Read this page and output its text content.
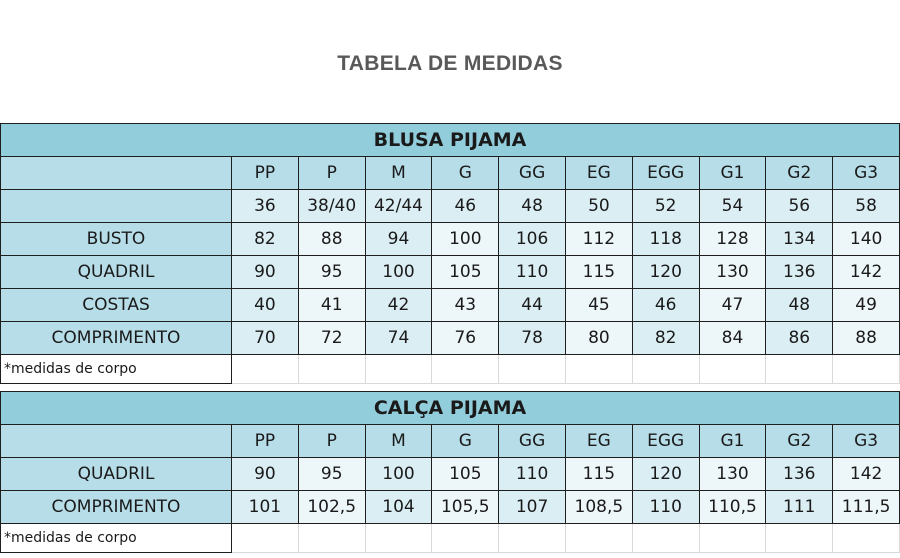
TABELA DE MEDIDAS
BLUSA PIJAMA										
	PP	P	M	G	GG	EG	EGG	G1	G2	G3
	36	38/40	42/44	46	48	50	52	54	56	58
BUSTO	82	88	94	100	106	112	118	128	134	140
QUADRIL	90	95	100	105	110	115	120	130	136	142
COSTAS	40	41	42	43	44	45	46	47	48	49
COMPRIMENTO	70	72	74	76	78	80	82	84	86	88
*medidas de corpo										
CALÇA PIJAMA										
	PP	P	M	G	GG	EG	EGG	G1	G2	G3
QUADRIL	90	95	100	105	110	115	120	130	136	142
COMPRIMENTO	101	102,5	104	105,5	107	108,5	110	110,5	111	111,5
*medidas de corpo										
